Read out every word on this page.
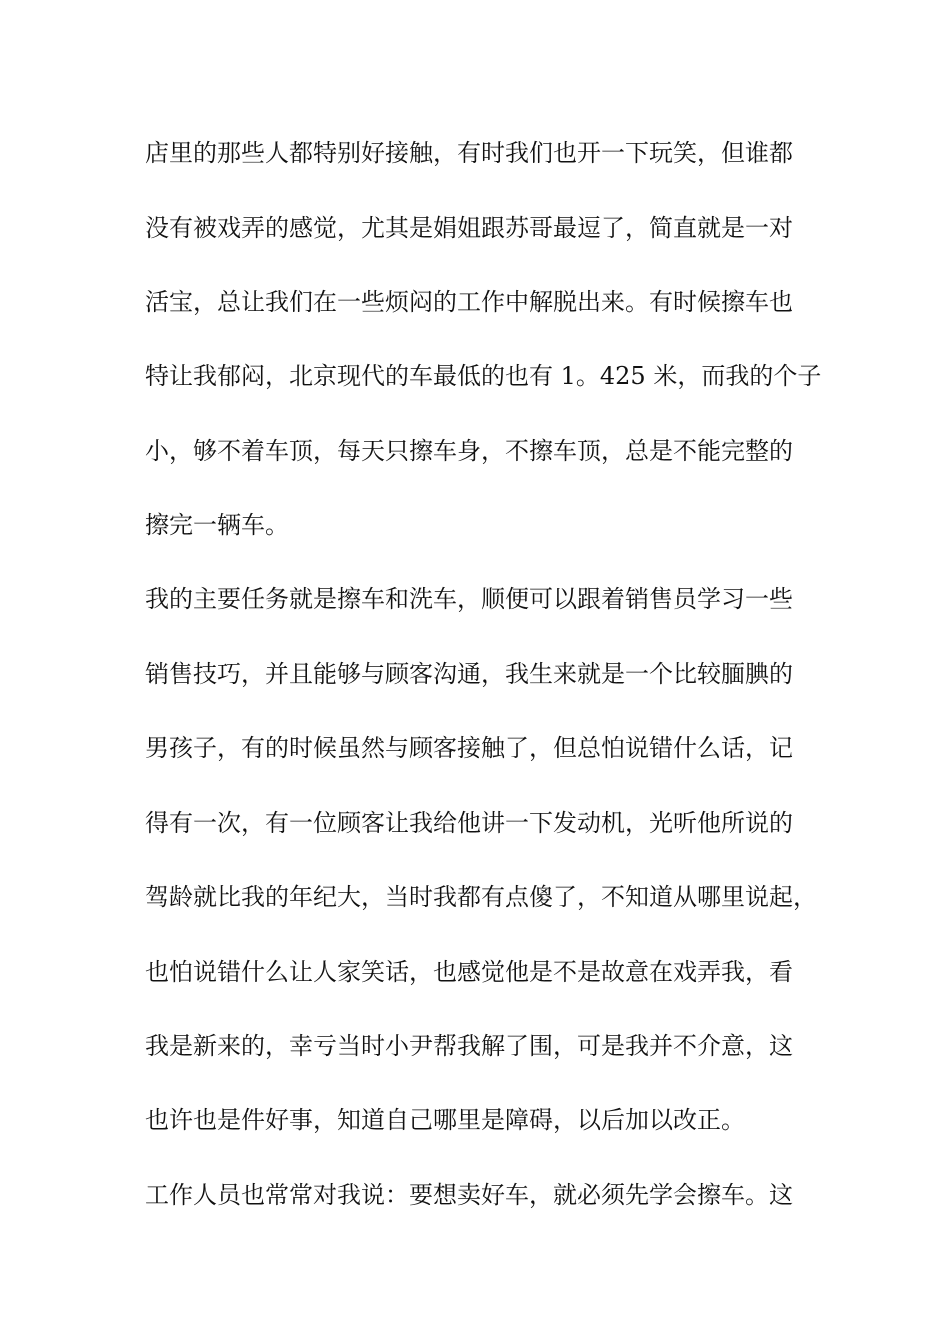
店里的那些人都特别好接触，有时我们也开一下玩笑，但谁都
没有被戏弄的感觉，尤其是娟姐跟苏哥最逗了，简直就是一对
活宝，总让我们在一些烦闷的工作中解脱出来。有时候擦车也
特让我郁闷，北京现代的车最低的也有 1。425 米，而我的个子
小，够不着车顶，每天只擦车身，不擦车顶，总是不能完整的
擦完一辆车。
我的主要任务就是擦车和洗车，顺便可以跟着销售员学习一些
销售技巧，并且能够与顾客沟通，我生来就是一个比较腼腆的
男孩子，有的时候虽然与顾客接触了，但总怕说错什么话，记
得有一次，有一位顾客让我给他讲一下发动机，光听他所说的
驾龄就比我的年纪大，当时我都有点傻了，不知道从哪里说起，
也怕说错什么让人家笑话，也感觉他是不是故意在戏弄我，看
我是新来的，幸亏当时小尹帮我解了围，可是我并不介意，这
也许也是件好事，知道自己哪里是障碍，以后加以改正。
工作人员也常常对我说：要想卖好车，就必须先学会擦车。这
